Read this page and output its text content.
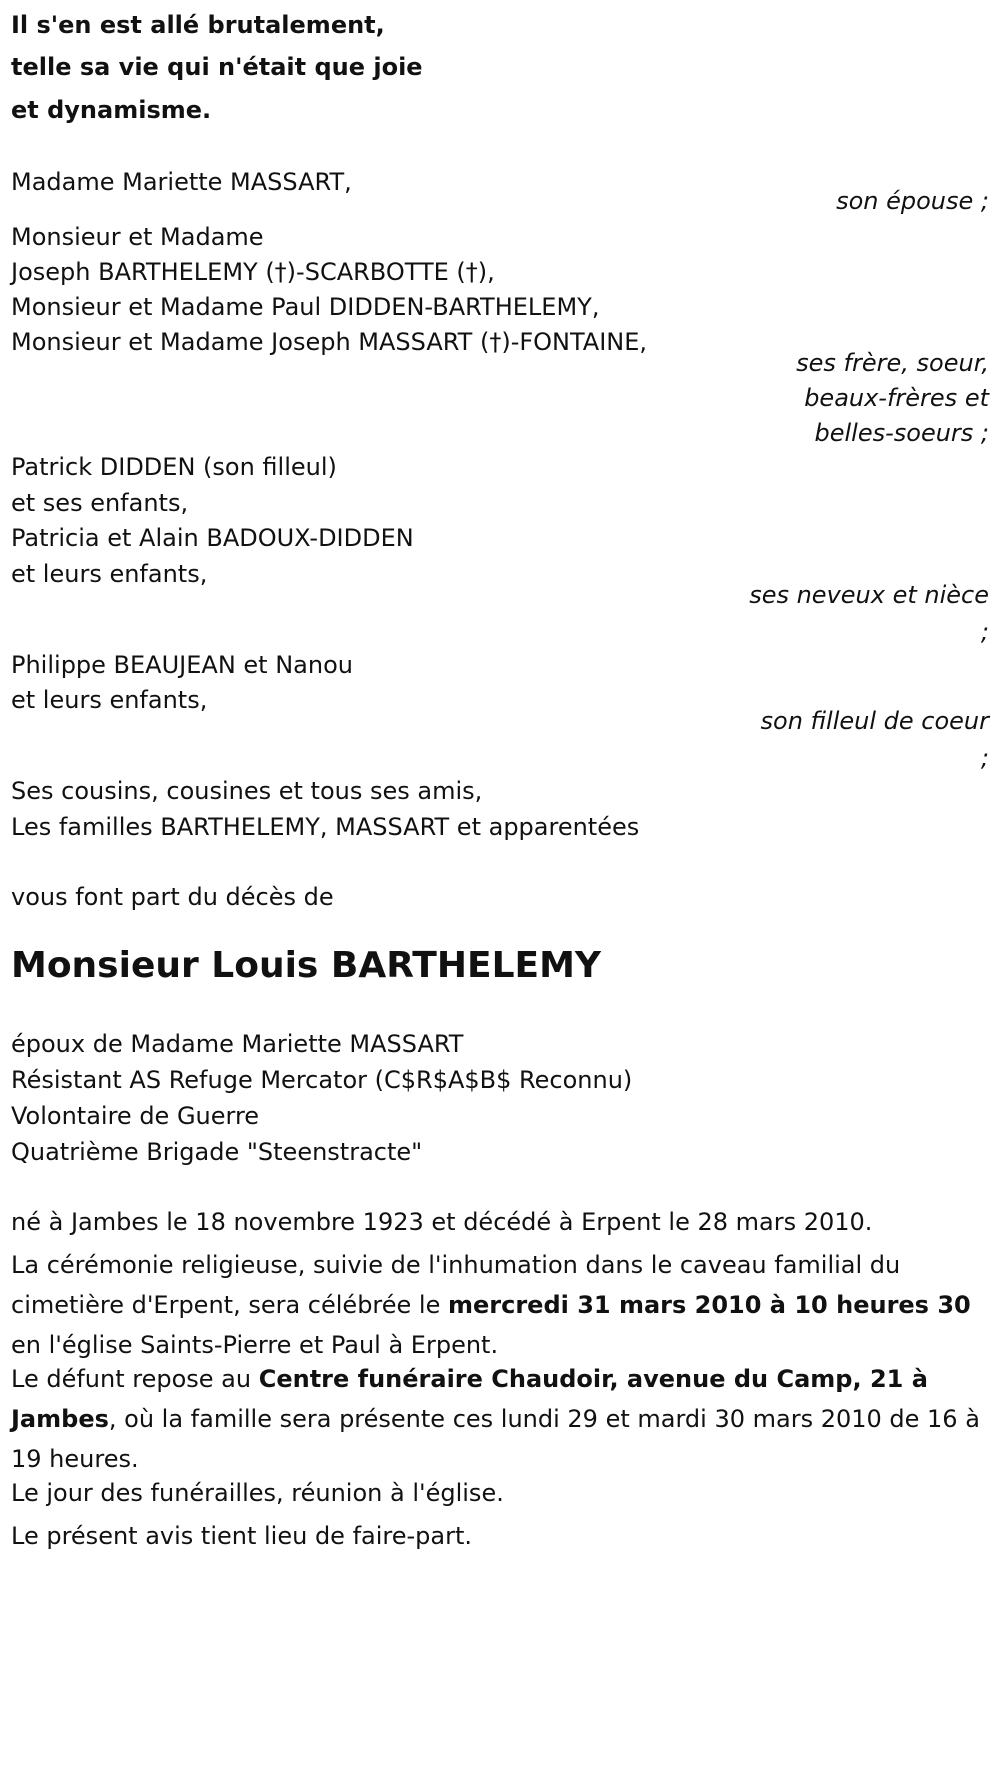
Il s'en est allé brutalement,
telle sa vie qui n'était que joie
et dynamisme.
Madame Mariette MASSART,
son épouse ;
Monsieur et Madame
Joseph BARTHELEMY (†)-SCARBOTTE (†),
Monsieur et Madame Paul DIDDEN-BARTHELEMY,
Monsieur et Madame Joseph MASSART (†)-FONTAINE,
ses frère, soeur,
beaux-frères et
belles-soeurs ;
Patrick DIDDEN (son filleul)
et ses enfants,
Patricia et Alain BADOUX-DIDDEN
et leurs enfants,
ses neveux et nièce
;
Philippe BEAUJEAN et Nanou
et leurs enfants,
son filleul de coeur
;
Ses cousins, cousines et tous ses amis,
Les familles BARTHELEMY, MASSART et apparentées
vous font part du décès de
Monsieur Louis BARTHELEMY
époux de Madame Mariette MASSART
Résistant AS Refuge Mercator (C$R$A$B$ Reconnu)
Volontaire de Guerre
Quatrième Brigade "Steenstracte"
né à Jambes le 18 novembre 1923 et décédé à Erpent le 28 mars 2010.
La cérémonie religieuse, suivie de l'inhumation dans le caveau familial du cimetière d'Erpent, sera célébrée le mercredi 31 mars 2010 à 10 heures 30 en l'église Saints-Pierre et Paul à Erpent.
Le défunt repose au Centre funéraire Chaudoir, avenue du Camp, 21 à Jambes, où la famille sera présente ces lundi 29 et mardi 30 mars 2010 de 16 à 19 heures.
Le jour des funérailles, réunion à l'église.
Le présent avis tient lieu de faire-part.
